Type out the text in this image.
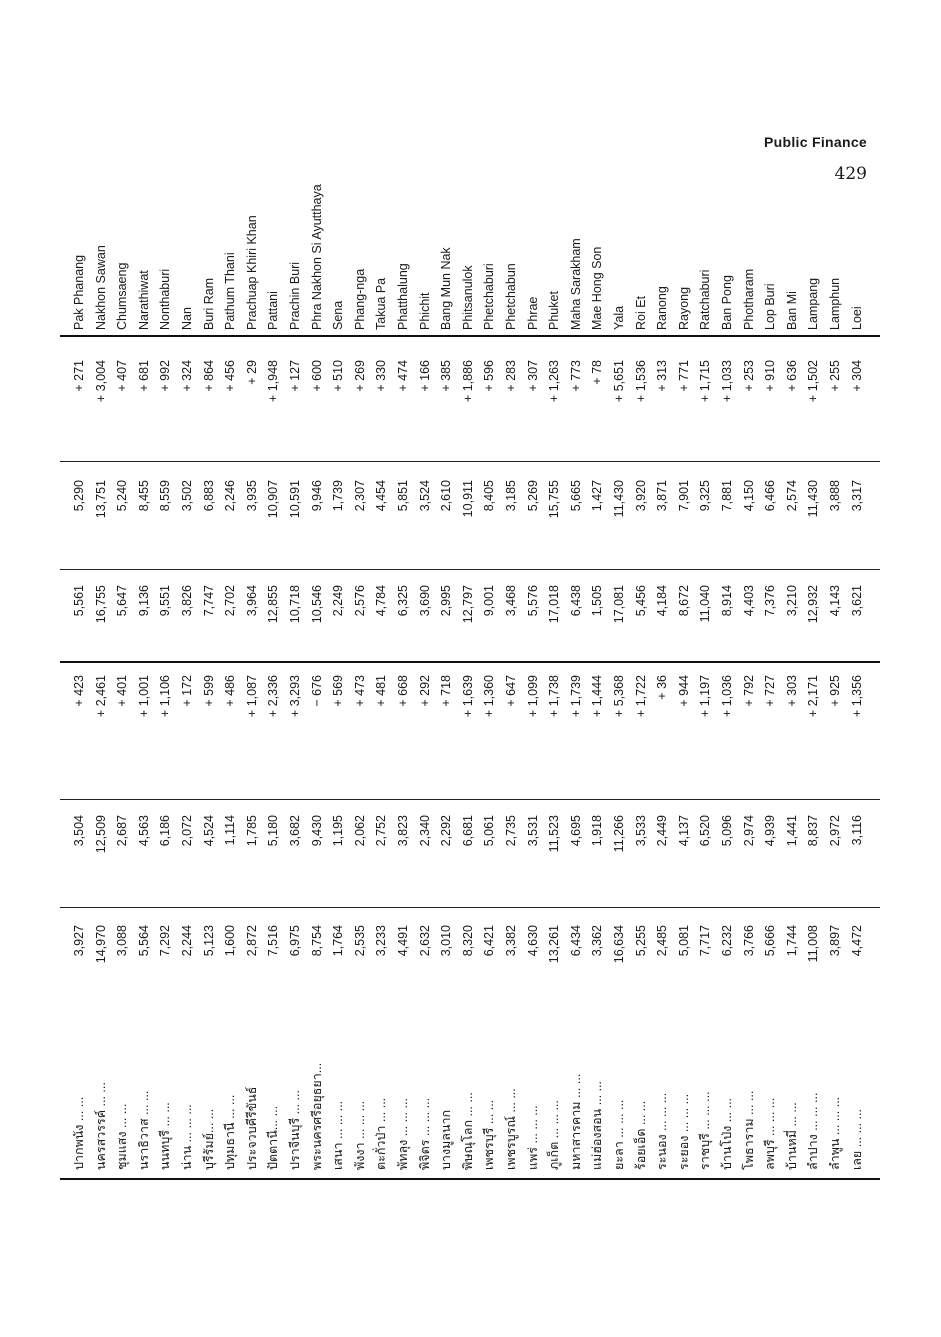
Public Finance
429
ปากพนัง ... ...
3,927
3,504
+ 423
5,561
5,290
+ 271
Pak Phanang
นครสวรรค์ ... ...
14,970
12,509
+ 2,461
16,755
13,751
+ 3,004
Nakhon Sawan
ชุมแสง ... ...
3,088
2,687
+ 401
5,647
5,240
+ 407
Chumsaeng
นราธิวาส ... ...
5,564
4,563
+ 1,001
9,136
8,455
+ 681
Narathiwat
นนทบุรี ... ...
7,292
6,186
+ 1,106
9,551
8,559
+ 992
Nonthaburi
น่าน ... ... ...
2,244
2,072
+ 172
3,826
3,502
+ 324
Nan
บุรีรัมย์... ...
5,123
4,524
+ 599
7,747
6,883
+ 864
Buri Ram
ปทุมธานี ... ...
1,600
1,114
+ 486
2,702
2,246
+ 456
Pathum Thani
ประจวบคีรีขันธ์
2,872
1,785
+ 1,087
3,964
3,935
+ 29
Prachuap Khiri Khan
ปัตตานี... ...
7,516
5,180
+ 2,336
12,855
10,907
+ 1,948
Pattani
ปราจีนบุรี ... ...
6,975
3,682
+ 3,293
10,718
10,591
+ 127
Prachin Buri
พระนครศรีอยุธยา...
8,754
9,430
− 676
10,546
9,946
+ 600
Phra Nakhon Si Ayutthaya
เสนา ... ... ...
1,764
1,195
+ 569
2,249
1,739
+ 510
Sena
พังงา ... ... ...
2,535
2,062
+ 473
2,576
2,307
+ 269
Phang-nga
ตะกั่วป่า ... ...
3,233
2,752
+ 481
4,784
4,454
+ 330
Takua Pa
พัทลุง ... ... ...
4,491
3,823
+ 668
6,325
5,851
+ 474
Phatthalung
พิจิตร ... ... ...
2,632
2,340
+ 292
3,690
3,524
+ 166
Phichit
บางมูลนาก
3,010
2,292
+ 718
2,995
2,610
+ 385
Bang Mun Nak
พิษณุโลก ... ...
8,320
6,681
+ 1,639
12,797
10,911
+ 1,886
Phitsanulok
เพชรบุรี ... ...
6,421
5,061
+ 1,360
9,001
8,405
+ 596
Phetchaburi
เพชรบูรณ์ ... ...
3,382
2,735
+ 647
3,468
3,185
+ 283
Phetchabun
แพร่ ... ... ...
4,630
3,531
+ 1,099
5,576
5,269
+ 307
Phrae
ภูเก็ต ... ... ...
13,261
11,523
+ 1,738
17,018
15,755
+ 1,263
Phuket
มหาสารคาม ... ...
6,434
4,695
+ 1,739
6,438
5,665
+ 773
Maha Sarakham
แม่ฮ่องสอน ... ...
3,362
1,918
+ 1,444
1,505
1,427
+ 78
Mae Hong Son
ยะลา ... ... ...
16,634
11,266
+ 5,368
17,081
11,430
+ 5,651
Yala
ร้อยเอ็ด ... ...
5,255
3,533
+ 1,722
5,456
3,920
+ 1,536
Roi Et
ระนอง ... ... ...
2,485
2,449
+ 36
4,184
3,871
+ 313
Ranong
ระยอง ... ... ...
5,081
4,137
+ 944
8,672
7,901
+ 771
Rayong
ราชบุรี ... ... ...
7,717
6,520
+ 1,197
11,040
9,325
+ 1,715
Ratchaburi
บ้านโป่ง ... ...
6,232
5,096
+ 1,036
8,914
7,881
+ 1,033
Ban Pong
โพธาราม ... ...
3,766
2,974
+ 792
4,403
4,150
+ 253
Photharam
ลพบุรี ... ... ...
5,666
4,939
+ 727
7,376
6,466
+ 910
Lop Buri
บ้านหมี่ ... ...
1,744
1,441
+ 303
3,210
2,574
+ 636
Ban Mi
ลำปาง ... ... ...
11,008
8,837
+ 2,171
12,932
11,430
+ 1,502
Lampang
ลำพูน ... ... ...
3,897
2,972
+ 925
4,143
3,888
+ 255
Lamphun
เลย ... ... ...
4,472
3,116
+ 1,356
3,621
3,317
+ 304
Loei
